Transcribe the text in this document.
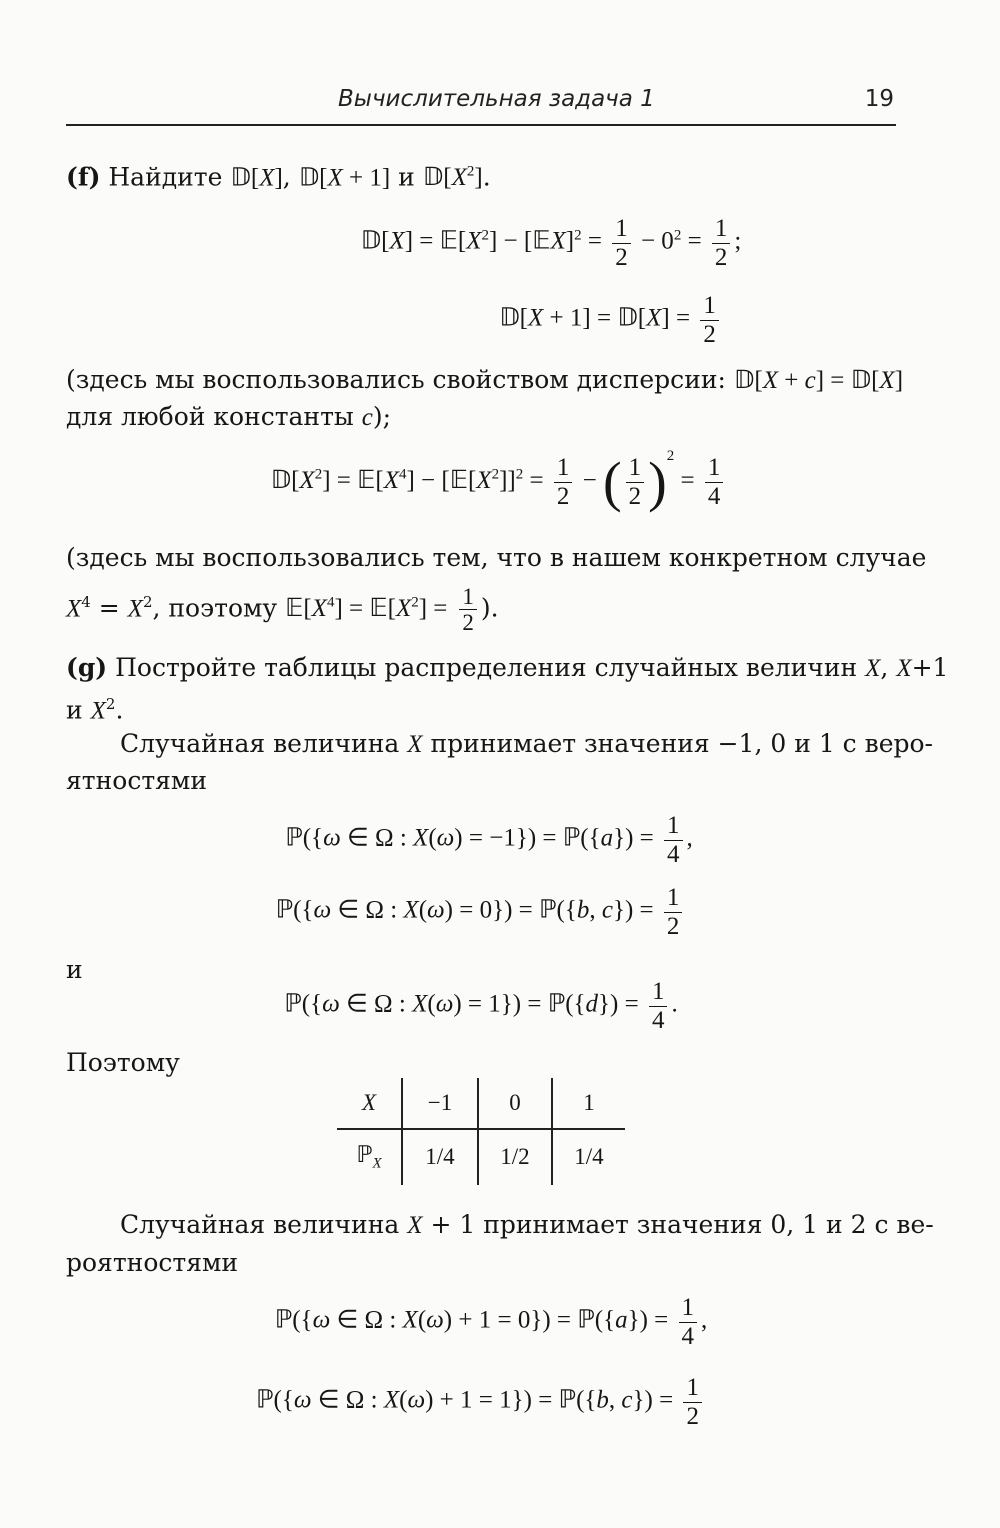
Вычислительная задача 1	19
(f) Найдите 𝔻[X], 𝔻[X + 1] и $𝔻[X^2]$.
𝔻[X] = $𝔼[X^2]$ − [𝔼X]$^2$ = $\frac{1}{2} - 0^2 = \frac{1}{2}$ ;
𝔻[X + 1] = 𝔻[X] = $\frac{1}{2}$
(здесь мы воспользовались свойством дисперсии: 𝔻[X + c] = 𝔻[X]
для любой константы c);
$𝔻[X^2]$ = $𝔼[X^4]$ − $[𝔼[X^2]]^2 = \frac{1}{2}$ − ( $\frac{1}{2} )^2 = \frac{1}{4}$
(здесь мы воспользовались тем, что в нашем конкретном случае
$X^4 = X^2$, поэтому $𝔼[X^4]$ = $𝔼[X^2] = \frac{1}{2}$ ).
(g) Постройте таблицы распределения случайных величин X, X+1
и $X^2$.
Случайная величина X принимает значения −1, 0 и 1 с веро-
ятностями
ℙ({ω ∈ Ω : X(ω) = −1}) = ℙ({a}) = $\frac{1}{4}$ ,
ℙ({ω ∈ Ω : X(ω) = 0}) = ℙ({b, $c\}) = \frac{1}{2}$
и
ℙ({ω ∈ Ω : X(ω) = 1}) = ℙ({d}) = $\frac{1}{4}$ .
Поэтому
X	−1	0	1
ℙ$_X$	1/4	1/2	1/4
Случайная величина X + 1 принимает значения 0, 1 и 2 с ве-
роятностями
ℙ({ω ∈ Ω : X(ω) + 1 = 0}) = ℙ({a}) = $\frac{1}{4}$ ,
ℙ({ω ∈ Ω : X(ω) + 1 = 1}) = ℙ({b, $c\}) = \frac{1}{2}$
